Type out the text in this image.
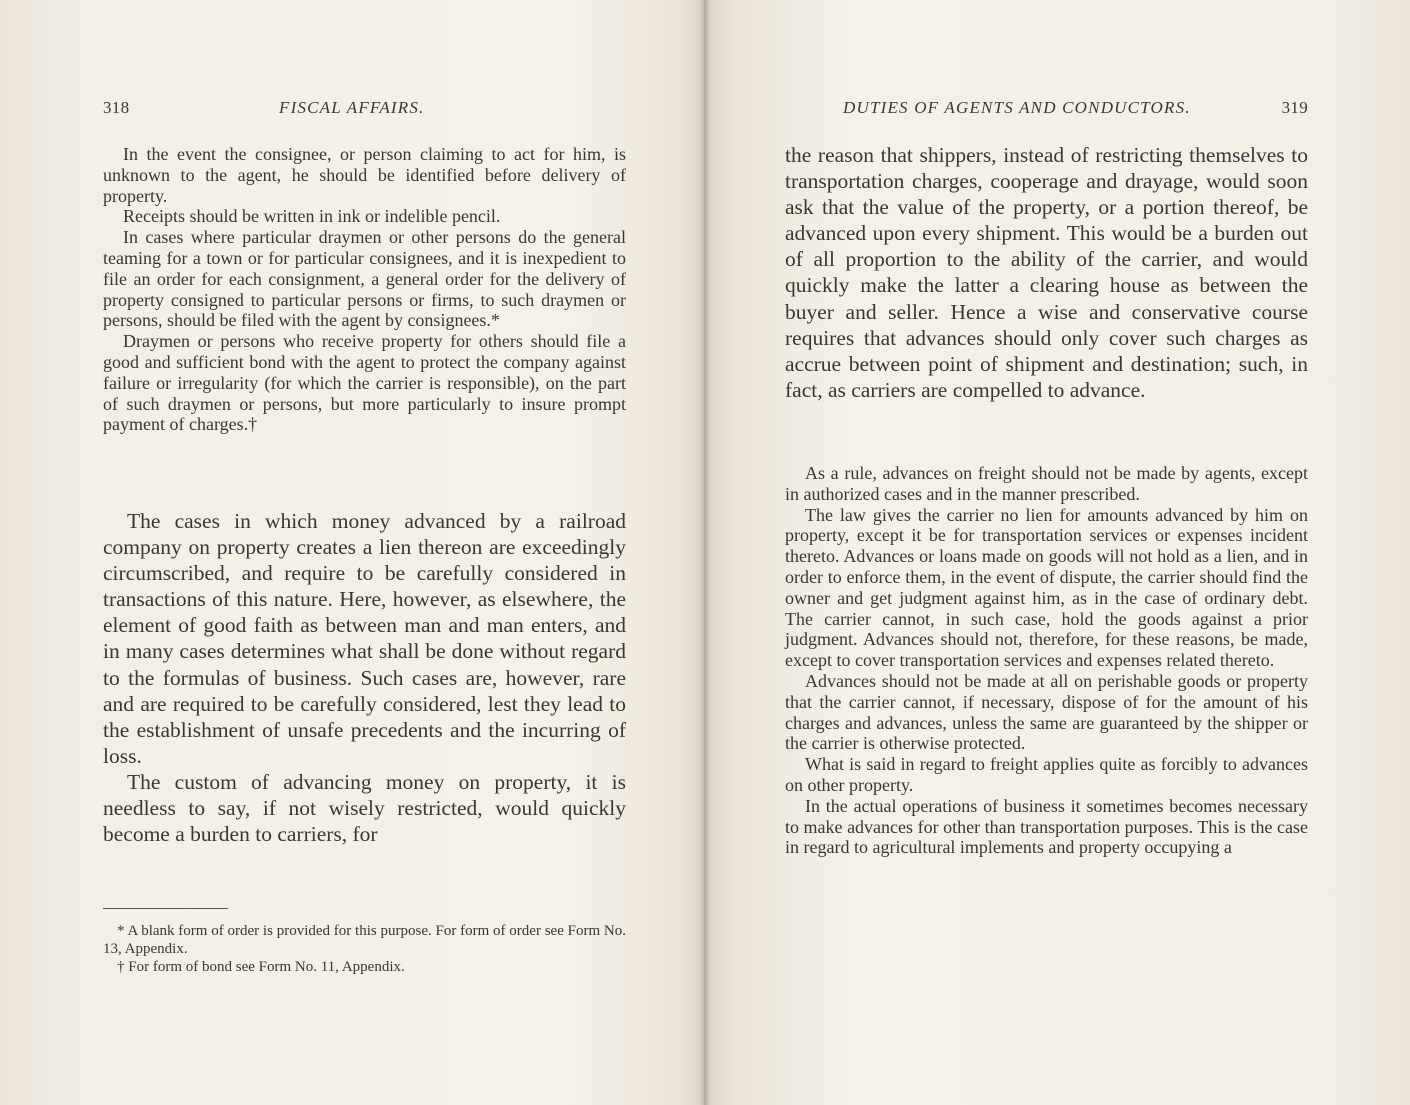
318	FISCAL AFFAIRS.

In the event the consignee, or person claiming to act for him, is unknown to the agent, he should be identified before delivery of property.

Receipts should be written in ink or indelible pencil.

In cases where particular draymen or other persons do the general teaming for a town or for particular consignees, and it is inexpedient to file an order for each consignment, a general order for the delivery of property consigned to particular persons or firms, to such draymen or persons, should be filed with the agent by consignees.*

Draymen or persons who receive property for others should file a good and sufficient bond with the agent to protect the company against failure or irregularity (for which the carrier is responsible), on the part of such draymen or persons, but more particularly to insure prompt payment of charges.†

The cases in which money advanced by a railroad company on property creates a lien thereon are exceedingly circumscribed, and require to be carefully considered in transactions of this nature. Here, however, as elsewhere, the element of good faith as between man and man enters, and in many cases determines what shall be done without regard to the formulas of business. Such cases are, however, rare and are required to be carefully considered, lest they lead to the establishment of unsafe precedents and the incurring of loss.

The custom of advancing money on property, it is needless to say, if not wisely restricted, would quickly become a burden to carriers, for

* A blank form of order is provided for this purpose. For form of order see Form No. 13, Appendix.

† For form of bond see Form No. 11, Appendix.

DUTIES OF AGENTS AND CONDUCTORS.	319

the reason that shippers, instead of restricting themselves to transportation charges, cooperage and drayage, would soon ask that the value of the property, or a portion thereof, be advanced upon every shipment. This would be a burden out of all proportion to the ability of the carrier, and would quickly make the latter a clearing house as between the buyer and seller. Hence a wise and conservative course requires that advances should only cover such charges as accrue between point of shipment and destination; such, in fact, as carriers are compelled to advance.

As a rule, advances on freight should not be made by agents, except in authorized cases and in the manner prescribed.

The law gives the carrier no lien for amounts advanced by him on property, except it be for transportation services or expenses incident thereto. Advances or loans made on goods will not hold as a lien, and in order to enforce them, in the event of dispute, the carrier should find the owner and get judgment against him, as in the case of ordinary debt. The carrier cannot, in such case, hold the goods against a prior judgment. Advances should not, therefore, for these reasons, be made, except to cover transportation services and expenses related thereto.

Advances should not be made at all on perishable goods or property that the carrier cannot, if necessary, dispose of for the amount of his charges and advances, unless the same are guaranteed by the shipper or the carrier is otherwise protected.

What is said in regard to freight applies quite as forcibly to advances on other property.

In the actual operations of business it sometimes becomes necessary to make advances for other than transportation purposes. This is the case in regard to agricultural implements and property occupying a
